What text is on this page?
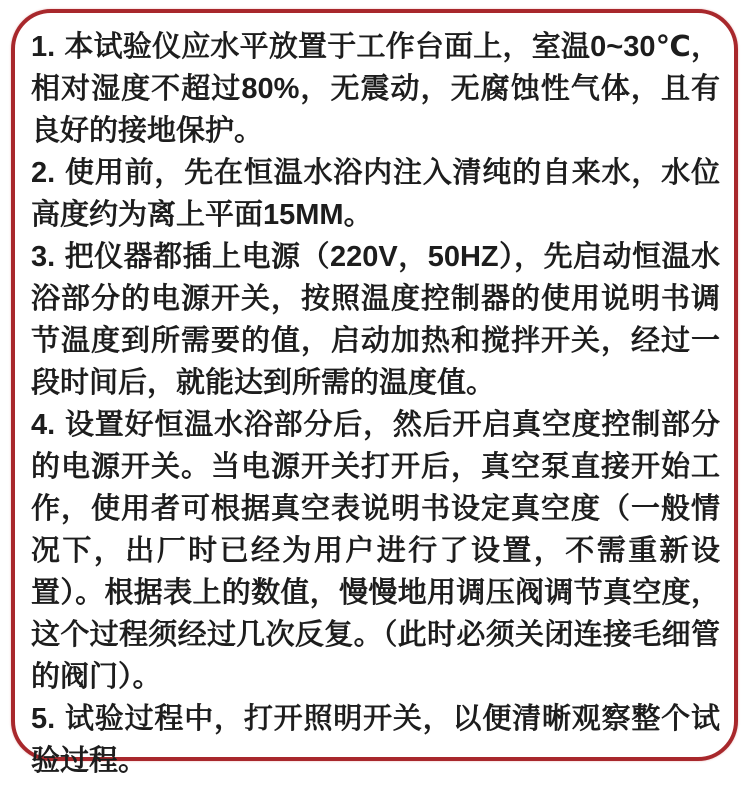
1. 本试验仪应水平放置于工作台面上，室温0~30℃，相对湿度不超过80%，无震动，无腐蚀性气体，且有良好的接地保护。

2. 使用前，先在恒温水浴内注入清纯的自来水，水位高度约为离上平面15MM。

3. 把仪器都插上电源（220V，50HZ），先启动恒温水浴部分的电源开关，按照温度控制器的使用说明书调节温度到所需要的值，启动加热和搅拌开关，经过一段时间后，就能达到所需的温度值。

4. 设置好恒温水浴部分后，然后开启真空度控制部分的电源开关。当电源开关打开后，真空泵直接开始工作，使用者可根据真空表说明书设定真空度（一般情况下，出厂时已经为用户进行了设置，不需重新设置）。根据表上的数值，慢慢地用调压阀调节真空度，这个过程须经过几次反复。（此时必须关闭连接毛细管的阀门）。

5. 试验过程中，打开照明开关，以便清晰观察整个试验过程。
